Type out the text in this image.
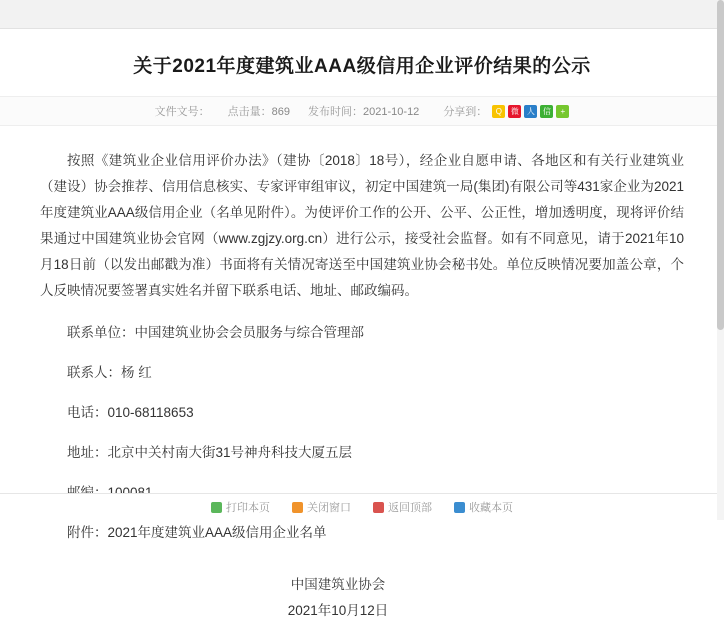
关于2021年度建筑业AAA级信用企业评价结果的公示
文件文号： 点击量：869 发布时间：2021-10-12 分享到：	Q	微	人	信	+

按照《建筑业企业信用评价办法》（建协〔2018〕18号），经企业自愿申请、各地区和有关行业建筑业（建设）协会推荐、信用信息核实、专家评审组审议，初定中国建筑一局(集团)有限公司等431家企业为2021年度建筑业AAA级信用企业（名单见附件）。为使评价工作的公开、公平、公正性，增加透明度，现将评价结果通过中国建筑业协会官网（www.zgjzy.org.cn）进行公示，接受社会监督。如有不同意见，请于2021年10月18日前（以发出邮戳为准）书面将有关情况寄送至中国建筑业协会秘书处。单位反映情况要加盖公章，个人反映情况要签署真实姓名并留下联系电话、地址、邮政编码。

联系单位：中国建筑业协会会员服务与综合管理部
联系人：杨 红
电话：010-68118653
地址：北京中关村南大街31号神舟科技大厦五层
附件：2021年度建筑业AAA级信用企业名单
中国建筑业协会
2021年10月12日
打印本页	关闭窗口	返回顶部	收藏本页
